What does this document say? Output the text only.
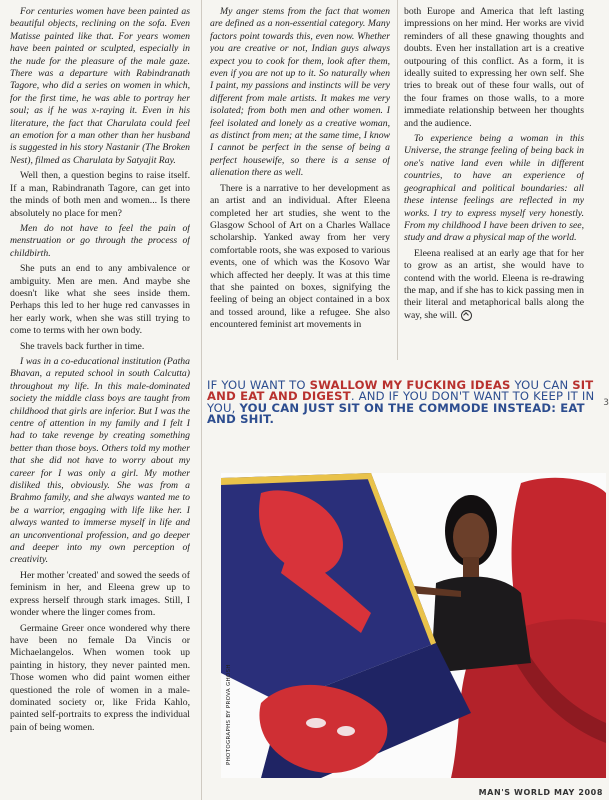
For centuries women have been painted as beautiful objects, reclining on the sofa. Even Matisse painted like that. For years women have been painted or sculpted, especially in the nude for the pleasure of the male gaze. There was a departure with Rabindranath Tagore, who did a series on women in which, for the first time, he was able to portray her soul; as if he was x-raying it. Even in his literature, the fact that Charulata could feel an emotion for a man other than her husband is suggested in his story Nastanir (The Broken Nest), filmed as Charulata by Satyajit Ray.

Well then, a question begins to raise itself. If a man, Rabindranath Tagore, can get into the minds of both men and women... Is there absolutely no place for men?

Men do not have to feel the pain of menstruation or go through the process of childbirth.

She puts an end to any ambivalence or ambiguity. Men are men. And maybe she doesn't like what she sees inside them. Perhaps this led to her huge red canvasses in her early work, when she was still trying to come to terms with her own body.

She travels back further in time.

I was in a co-educational institution (Patha Bhavan, a reputed school in south Calcutta) throughout my life. In this male-dominated society the middle class boys are taught from childhood that girls are inferior. But I was the centre of attention in my family and I felt I had to take revenge by creating something better than those boys. Others told my mother that she did not have to worry about my career for I was only a girl. My mother disliked this, obviously. She was from a Brahmo family, and she always wanted me to be a warrior, engaging with life like her. I always wanted to immerse myself in life and an unconventional profession, and go deeper and deeper into my own perception of creativity.

Her mother 'created' and sowed the seeds of feminism in her, and Eleena grew up to express herself through stark images. Still, I wonder where the linger comes from.

Germaine Greer once wondered why there have been no female Da Vincis or Michaelangelos. When women took up painting in history, they never painted men. Those women who did paint women either questioned the role of women in a male-dominated society or, like Frida Kahlo, painted self-portraits to express the individual pain of being women.

My anger stems from the fact that women are defined as a non-essential category. Many factors point towards this, even now. Whether you are creative or not, Indian guys always expect you to cook for them, look after them, even if you are not up to it. So naturally when I paint, my passions and instincts will be very different from male artists. It makes me very isolated; from both men and other women. I feel isolated and lonely as a creative woman, as distinct from men; at the same time, I know I cannot be perfect in the sense of being a perfect housewife, so there is a sense of alienation there as well.

There is a narrative to her development as an artist and an individual. After Eleena completed her art studies, she went to the Glasgow School of Art on a Charles Wallace scholarship. Yanked away from her very comfortable roots, she was exposed to various events, one of which was the Kosovo War which affected her deeply. It was at this time that she painted on boxes, signifying the feeling of being an object contained in a box and tossed around, like a refugee. She also encountered feminist art movements in

both Europe and America that left lasting impressions on her mind. Her works are vivid reminders of all these gnawing thoughts and doubts. Even her installation art is a creative outpouring of this conflict. As a form, it is ideally suited to expressing her own self. She tries to break out of these four walls, out of the four frames on those walls, to a more immediate relationship between her thoughts and the audience.

To experience being a woman in this Universe, the strange feeling of being back in one's native land even while in different countries, to have an experience of geographical and political boundaries: all these intense feelings are reflected in my works. I try to express myself very honestly. From my childhood I have been driven to see, study and draw a physical map of the world.

Eleena realised at an early age that for her to grow as an artist, she would have to contend with the world. Eleena is re-drawing the map, and if she has to kick passing men in their literal and metaphorical balls along the way, she will.

IF YOU WANT TO SWALLOW MY FUCKING IDEAS YOU CAN SIT AND EAT AND DIGEST. AND IF YOU DON'T WANT TO KEEP IT IN YOU, YOU CAN JUST SIT ON THE COMMODE INSTEAD: EAT AND SHIT.
PHOTOGRAPHS BY PROVA GHOSH
3
MAN'S WORLD MAY 2008
